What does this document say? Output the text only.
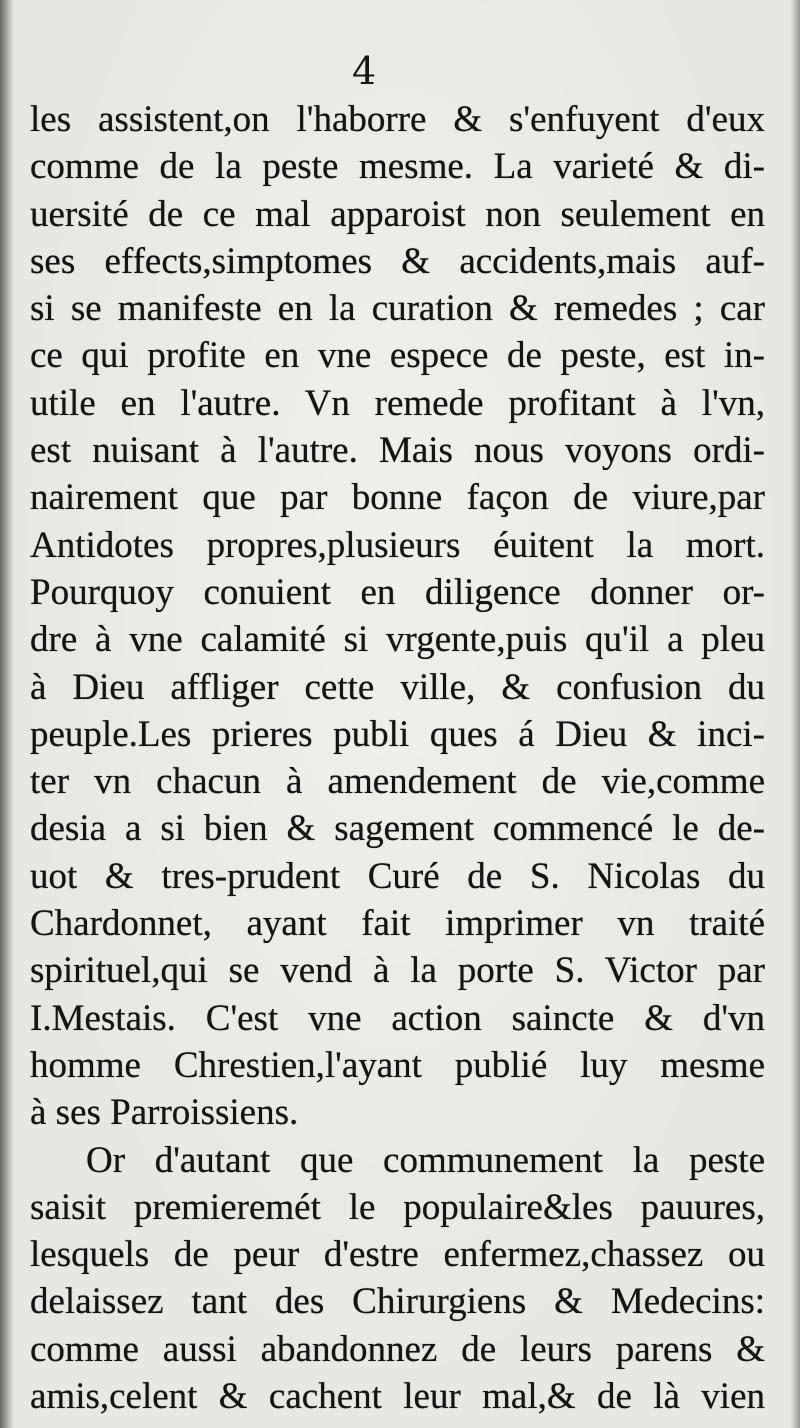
4
les assistent,on l'haborre & s'enfuyent d'eux
comme de la peste mesme. La varieté & di-
uersité de ce mal apparoist non seulement en
ses effects,simptomes & accidents,mais auf-
si se manifeste en la curation & remedes ; car
ce qui profite en vne espece de peste, est in-
utile en l'autre. Vn remede profitant à l'vn,
est nuisant à l'autre. Mais nous voyons ordi-
nairement que par bonne façon de viure,par
Antidotes propres,plusieurs éuitent la mort.
Pourquoy conuient en diligence donner or-
dre à vne calamité si vrgente,puis qu'il a pleu
à Dieu affliger cette ville, & confusion du
peuple.Les prieres publi ques á Dieu & inci-
ter vn chacun à amendement de vie,comme
desia a si bien & sagement commencé le de-
uot & tres-prudent Curé de S. Nicolas du
Chardonnet, ayant fait imprimer vn traité
spirituel,qui se vend à la porte S. Victor par
I.Mestais. C'est vne action saincte & d'vn
homme Chrestien,l'ayant publié luy mesme
à ses Parroissiens.
Or d'autant que communement la peste
saisit premieremét le populaire&les pauures,
lesquels de peur d'estre enfermez,chassez ou
delaissez tant des Chirurgiens & Medecins:
comme aussi abandonnez de leurs parens &
amis,celent & cachent leur mal,& de là vien
